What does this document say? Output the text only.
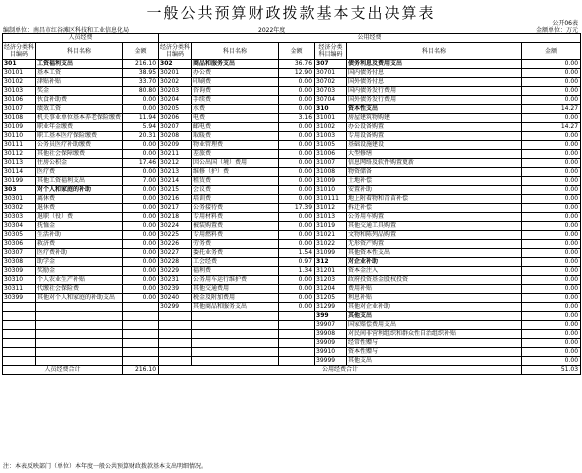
一般公共预算财政拨款基本支出决算表
公开06表
编制单位：南昌市红谷滩区科技和工业信息化局	2022年度	金额单位：万元
人员经费			公用经费					
经济分类科目编码	科目名称	金额	经济分类科目编码	科目名称	金额	经济分类科目编码	科目名称	金额
301	工资福利支出	216.10	302	商品和服务支出	36.76	307	债务利息及费用支出	0.00
30101	基本工资	38.95	30201	办公费	12.90	30701	国内债务付息	0.00
30102	津贴补贴	33.70	30202	印刷费	0.00	30702	国外债务付息	0.00
30103	奖金	80.80	30203	咨询费	0.00	30703	国内债务发行费用	0.00
30106	伙食补助费	0.00	30204	手续费	0.00	30704	国外债务发行费用	0.00
30107	绩效工资	0.00	30205	水费	0.00	310	资本性支出	14.27
30108	机关事业单位基本养老保险缴费	11.94	30206	电费	3.16	31001	房屋建筑物购建	0.00
30109	职业年金缴费	5.94	30207	邮电费	0.00	31002	办公设备购置	14.27
30110	职工基本医疗保险缴费	20.31	30208	取暖费	0.00	31003	专用设备购置	0.00
30111	公务员医疗补助缴费	0.00	30209	物业管理费	0.00	31005	基础设施建设	0.00
30112	其他社会保障缴费	0.00	30211	差旅费	0.00	31006	大型修缮	0.00
30113	住房公积金	17.46	30212	因公出国（境）费用	0.00	31007	信息网络及软件购置更新	0.00
30114	医疗费	0.00	30213	维修（护）费	0.00	31008	物资储备	0.00
30199	其他工资福利支出	7.00	30214	租赁费	0.00	31009	土地补偿	0.00
303	对个人和家庭的补助	0.00	30215	会议费	0.00	31010	安置补助	0.00
30301	离休费	0.00	30216	培训费	0.00	310111	地上附着物和青苗补偿	0.00
30302	退休费	0.00	30217	公务接待费	17.39	31012	拆迁补偿	0.00
30303	退职（役）费	0.00	30218	专用材料费	0.00	31013	公务用车购置	0.00
30304	抚恤金	0.00	30224	被装购置费	0.00	31019	其他交通工具购置	0.00
30305	生活补助	0.00	30225	专用燃料费	0.00	31021	文物和陈列品购置	0.00
30306	救济费	0.00	30226	劳务费	0.00	31022	无形资产购置	0.00
30307	医疗费补助	0.00	30227	委托业务费	1.54	31099	其他资本性支出	0.00
30308	助学金	0.00	30228	工会经费	0.97	312	对企业补助	0.00
30309	奖励金	0.00	30229	福利费	1.34	31201	资本金注入	0.00
30310	个人农业生产补贴	0.00	30231	公务用车运行维护费	0.00	31203	政府投资基金股权投资	0.00
30311	代缴社会保险费	0.00	30239	其他交通费用	0.00	31204	费用补贴	0.00
30399	其他对个人和家庭的补助支出	0.00	30240	税金及附加费用	0.00	31205	利息补贴	0.00
			30299	其他商品和服务支出	0.00	31299	其他对企业补助	0.00
						399	其他支出	0.00
						39907	国家赔偿费用支出	0.00
						39908	对民间非营利组织和群众性自治组织补贴	0.00
						39909	经常性赠与	0.00
						39910	资本性赠与	0.00
						39999	其他支出	0.00
人员经费合计		216.10	公用经费合计					51.03
注：本表反映部门（单位）本年度一般公共预算财政拨款基本支出明细情况。
